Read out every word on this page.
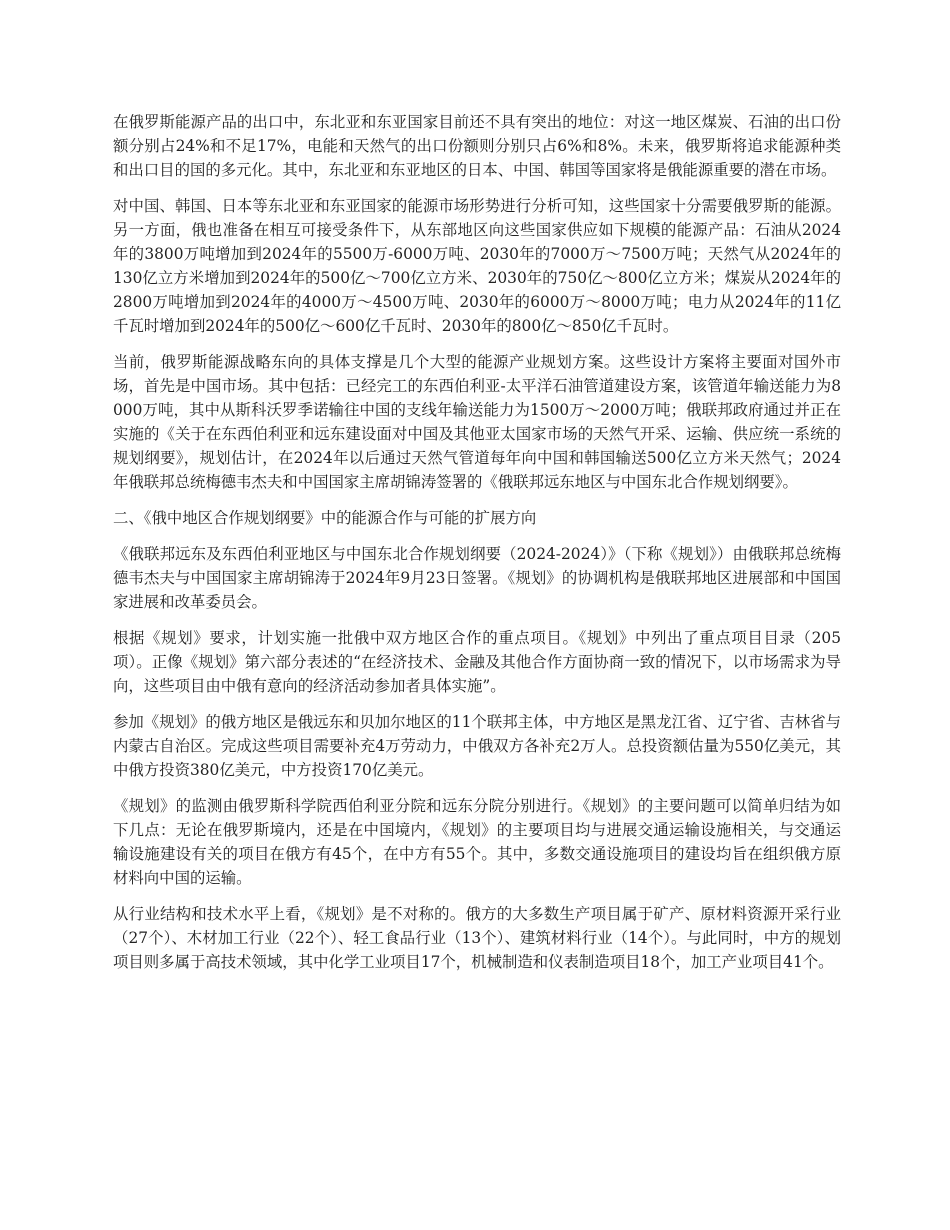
在俄罗斯能源产品的出口中，东北亚和东亚国家目前还不具有突出的地位：对这一地区煤炭、石油的出口份额分别占24%和不足17%，电能和天然气的出口份额则分别只占6%和8%。未来，俄罗斯将追求能源种类和出口目的国的多元化。其中，东北亚和东亚地区的日本、中国、韩国等国家将是俄能源重要的潜在市场。

对中国、韩国、日本等东北亚和东亚国家的能源市场形势进行分析可知，这些国家十分需要俄罗斯的能源。另一方面，俄也准备在相互可接受条件下，从东部地区向这些国家供应如下规模的能源产品：石油从2024年的3800万吨增加到2024年的5500万-6000万吨、2030年的7000万～7500万吨；天然气从2024年的130亿立方米增加到2024年的500亿～700亿立方米、2030年的750亿～800亿立方米；煤炭从2024年的2800万吨增加到2024年的4000万～4500万吨、2030年的6000万～8000万吨；电力从2024年的11亿千瓦时增加到2024年的500亿～600亿千瓦时、2030年的800亿～850亿千瓦时。

当前，俄罗斯能源战略东向的具体支撑是几个大型的能源产业规划方案。这些设计方案将主要面对国外市场，首先是中国市场。其中包括：已经完工的东西伯利亚-太平洋石油管道建设方案，该管道年输送能力为8000万吨，其中从斯科沃罗季诺输往中国的支线年输送能力为1500万～2000万吨；俄联邦政府通过并正在实施的《关于在东西伯利亚和远东建设面对中国及其他亚太国家市场的天然气开采、运输、供应统一系统的规划纲要》，规划估计，在2024年以后通过天然气管道每年向中国和韩国输送500亿立方米天然气；2024年俄联邦总统梅德韦杰夫和中国国家主席胡锦涛签署的《俄联邦远东地区与中国东北合作规划纲要》。

二、《俄中地区合作规划纲要》中的能源合作与可能的扩展方向

《俄联邦远东及东西伯利亚地区与中国东北合作规划纲要（2024-2024）》（下称《规划》）由俄联邦总统梅德韦杰夫与中国国家主席胡锦涛于2024年9月23日签署。《规划》的协调机构是俄联邦地区进展部和中国国家进展和改革委员会。

根据《规划》要求，计划实施一批俄中双方地区合作的重点项目。《规划》中列出了重点项目目录（205项）。正像《规划》第六部分表述的“在经济技术、金融及其他合作方面协商一致的情况下，以市场需求为导向，这些项目由中俄有意向的经济活动参加者具体实施”。

参加《规划》的俄方地区是俄远东和贝加尔地区的11个联邦主体，中方地区是黑龙江省、辽宁省、吉林省与内蒙古自治区。完成这些项目需要补充4万劳动力，中俄双方各补充2万人。总投资额估量为550亿美元，其中俄方投资380亿美元，中方投资170亿美元。

《规划》的监测由俄罗斯科学院西伯利亚分院和远东分院分别进行。《规划》的主要问题可以简单归结为如下几点：无论在俄罗斯境内，还是在中国境内，《规划》的主要项目均与进展交通运输设施相关，与交通运输设施建设有关的项目在俄方有45个，在中方有55个。其中，多数交通设施项目的建设均旨在组织俄方原材料向中国的运输。

从行业结构和技术水平上看，《规划》是不对称的。俄方的大多数生产项目属于矿产、原材料资源开采行业（27个）、木材加工行业（22个）、轻工食品行业（13个）、建筑材料行业（14个）。与此同时，中方的规划项目则多属于高技术领域，其中化学工业项目17个，机械制造和仪表制造项目18个，加工产业项目41个。
